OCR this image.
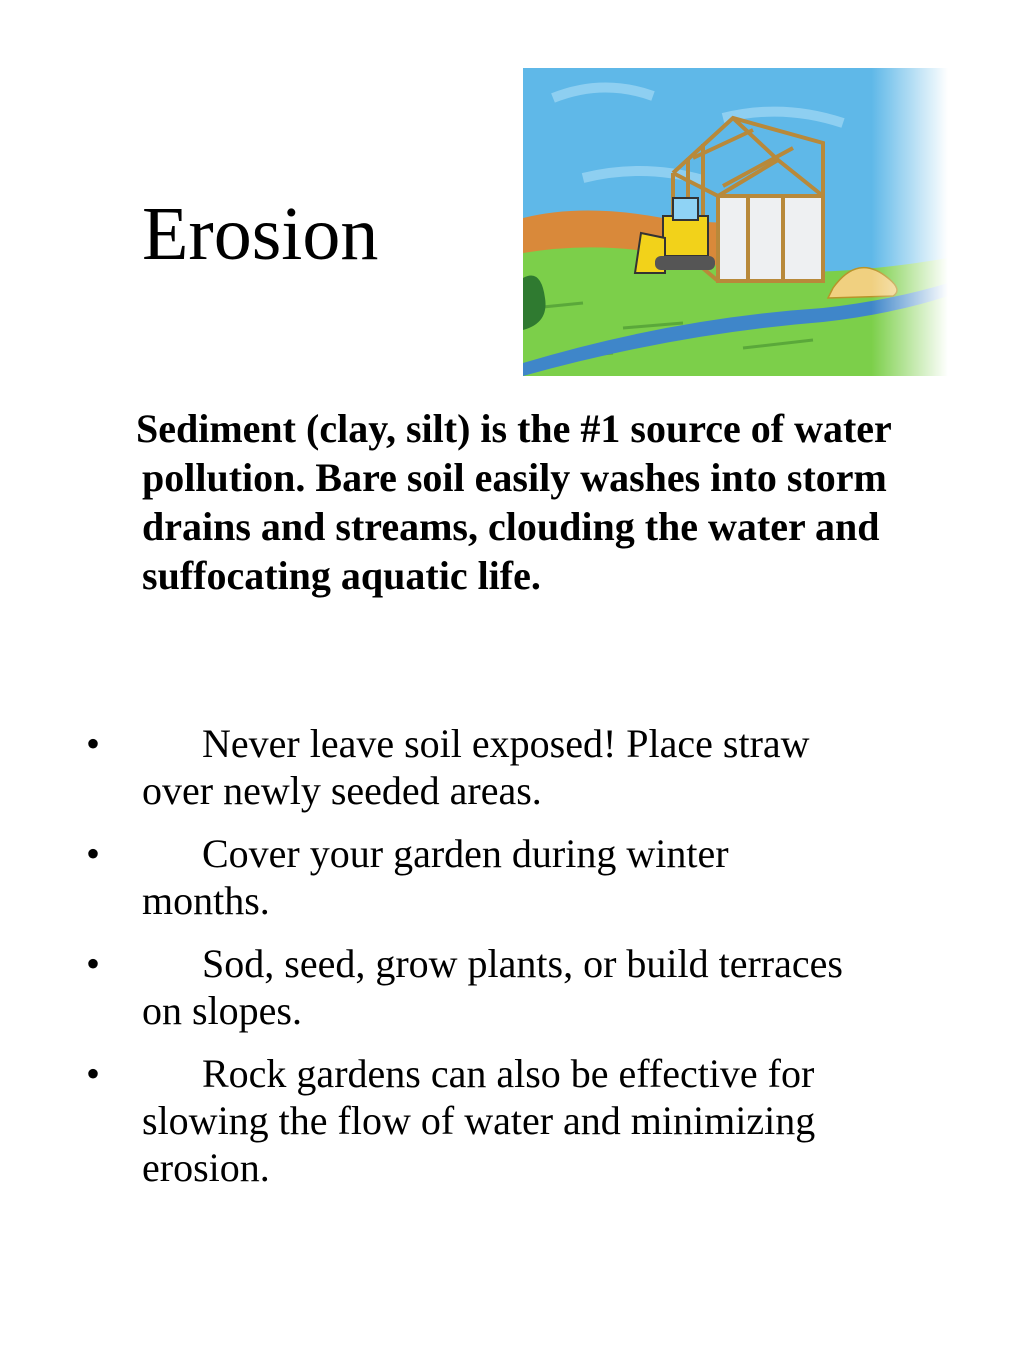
Erosion

Sediment (clay, silt) is the #1 source of water pollution. Bare soil easily washes into storm drains and streams, clouding the water and suffocating aquatic life.

•	Never leave soil exposed! Place straw over newly seeded areas.
•	Cover your garden during winter months.
•	Sod, seed, grow plants, or build terraces on slopes.
•	Rock gardens can also be effective for slowing the flow of water and minimizing erosion.
